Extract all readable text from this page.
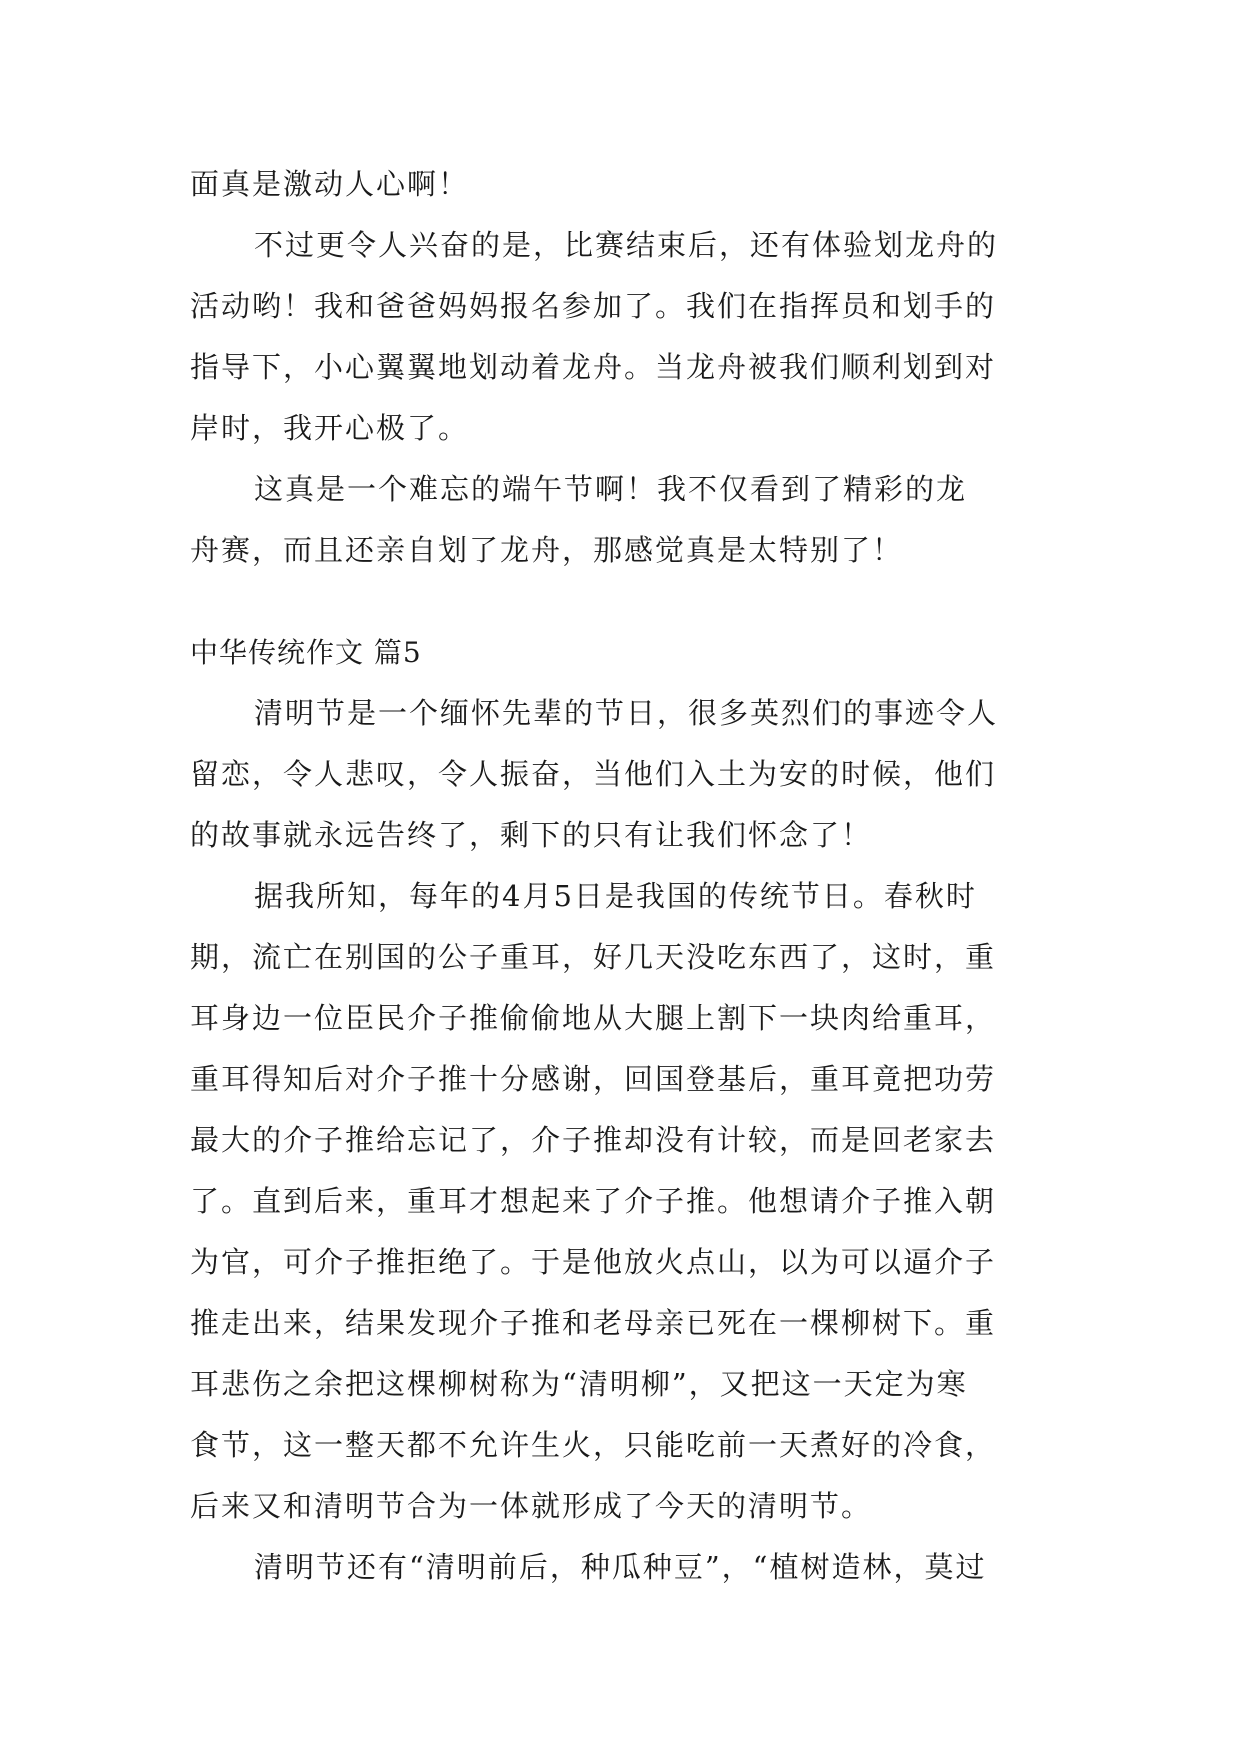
面真是激动人心啊！

不过更令人兴奋的是，比赛结束后，还有体验划龙舟的
活动哟！我和爸爸妈妈报名参加了。我们在指挥员和划手的
指导下，小心翼翼地划动着龙舟。当龙舟被我们顺利划到对
岸时，我开心极了。

这真是一个难忘的端午节啊！我不仅看到了精彩的龙
舟赛，而且还亲自划了龙舟，那感觉真是太特别了！

中华传统作文 篇5

清明节是一个缅怀先辈的节日，很多英烈们的事迹令人
留恋，令人悲叹，令人振奋，当他们入土为安的时候，他们
的故事就永远告终了，剩下的只有让我们怀念了！

据我所知，每年的4月5日是我国的传统节日。春秋时
期，流亡在别国的公子重耳，好几天没吃东西了，这时，重
耳身边一位臣民介子推偷偷地从大腿上割下一块肉给重耳，
重耳得知后对介子推十分感谢，回国登基后，重耳竟把功劳
最大的介子推给忘记了，介子推却没有计较，而是回老家去
了。直到后来，重耳才想起来了介子推。他想请介子推入朝
为官，可介子推拒绝了。于是他放火点山，以为可以逼介子
推走出来，结果发现介子推和老母亲已死在一棵柳树下。重
耳悲伤之余把这棵柳树称为“清明柳”，又把这一天定为寒
食节，这一整天都不允许生火，只能吃前一天煮好的冷食，
后来又和清明节合为一体就形成了今天的清明节。

清明节还有“清明前后，种瓜种豆”，“植树造林，莫过
